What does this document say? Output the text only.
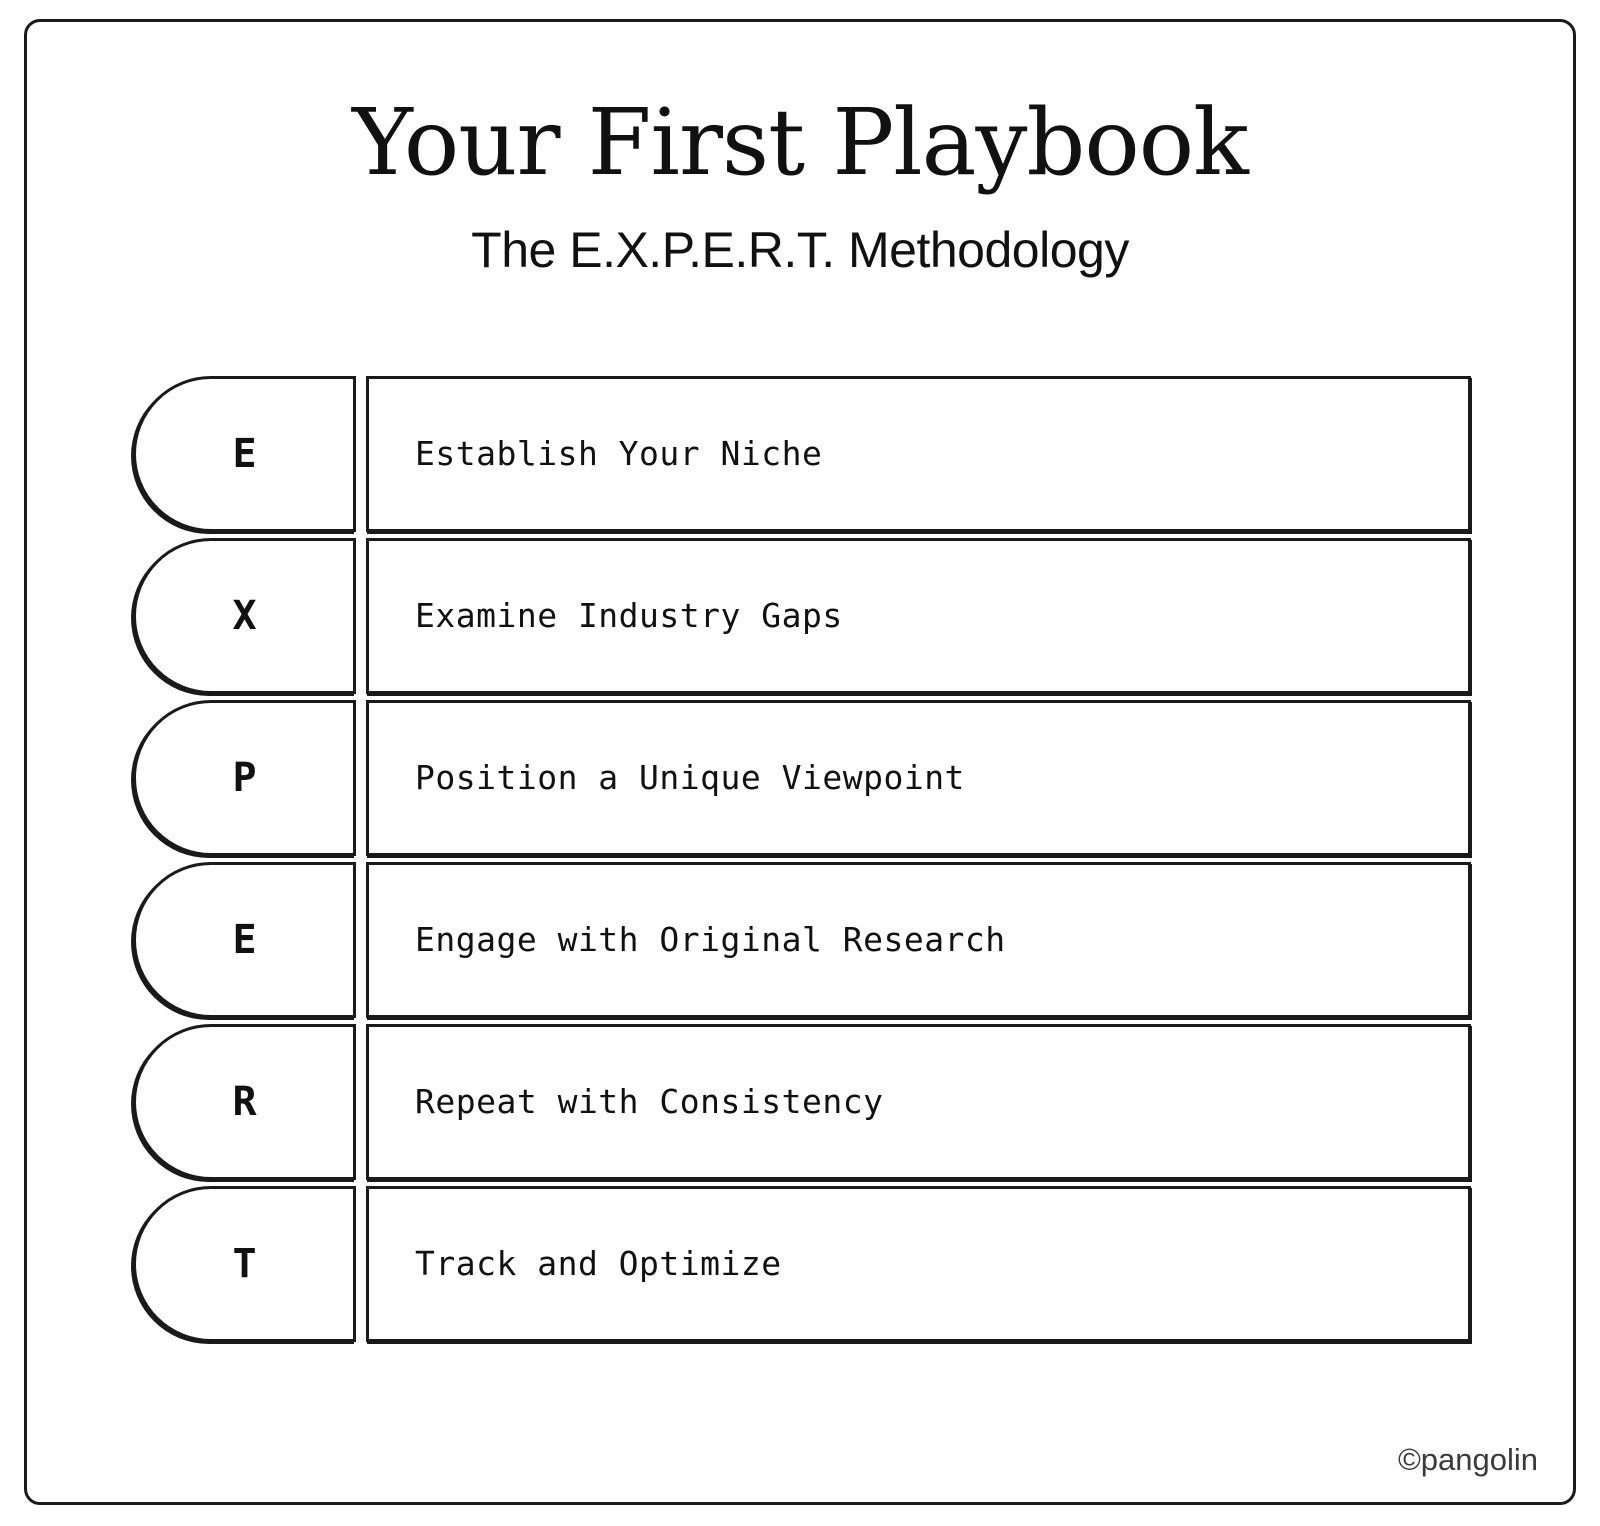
Your First Playbook
The E.X.P.E.R.T. Methodology
E	Establish Your Niche
X	Examine Industry Gaps
P	Position a Unique Viewpoint
E	Engage with Original Research
R	Repeat with Consistency
T	Track and Optimize
©pangolin
